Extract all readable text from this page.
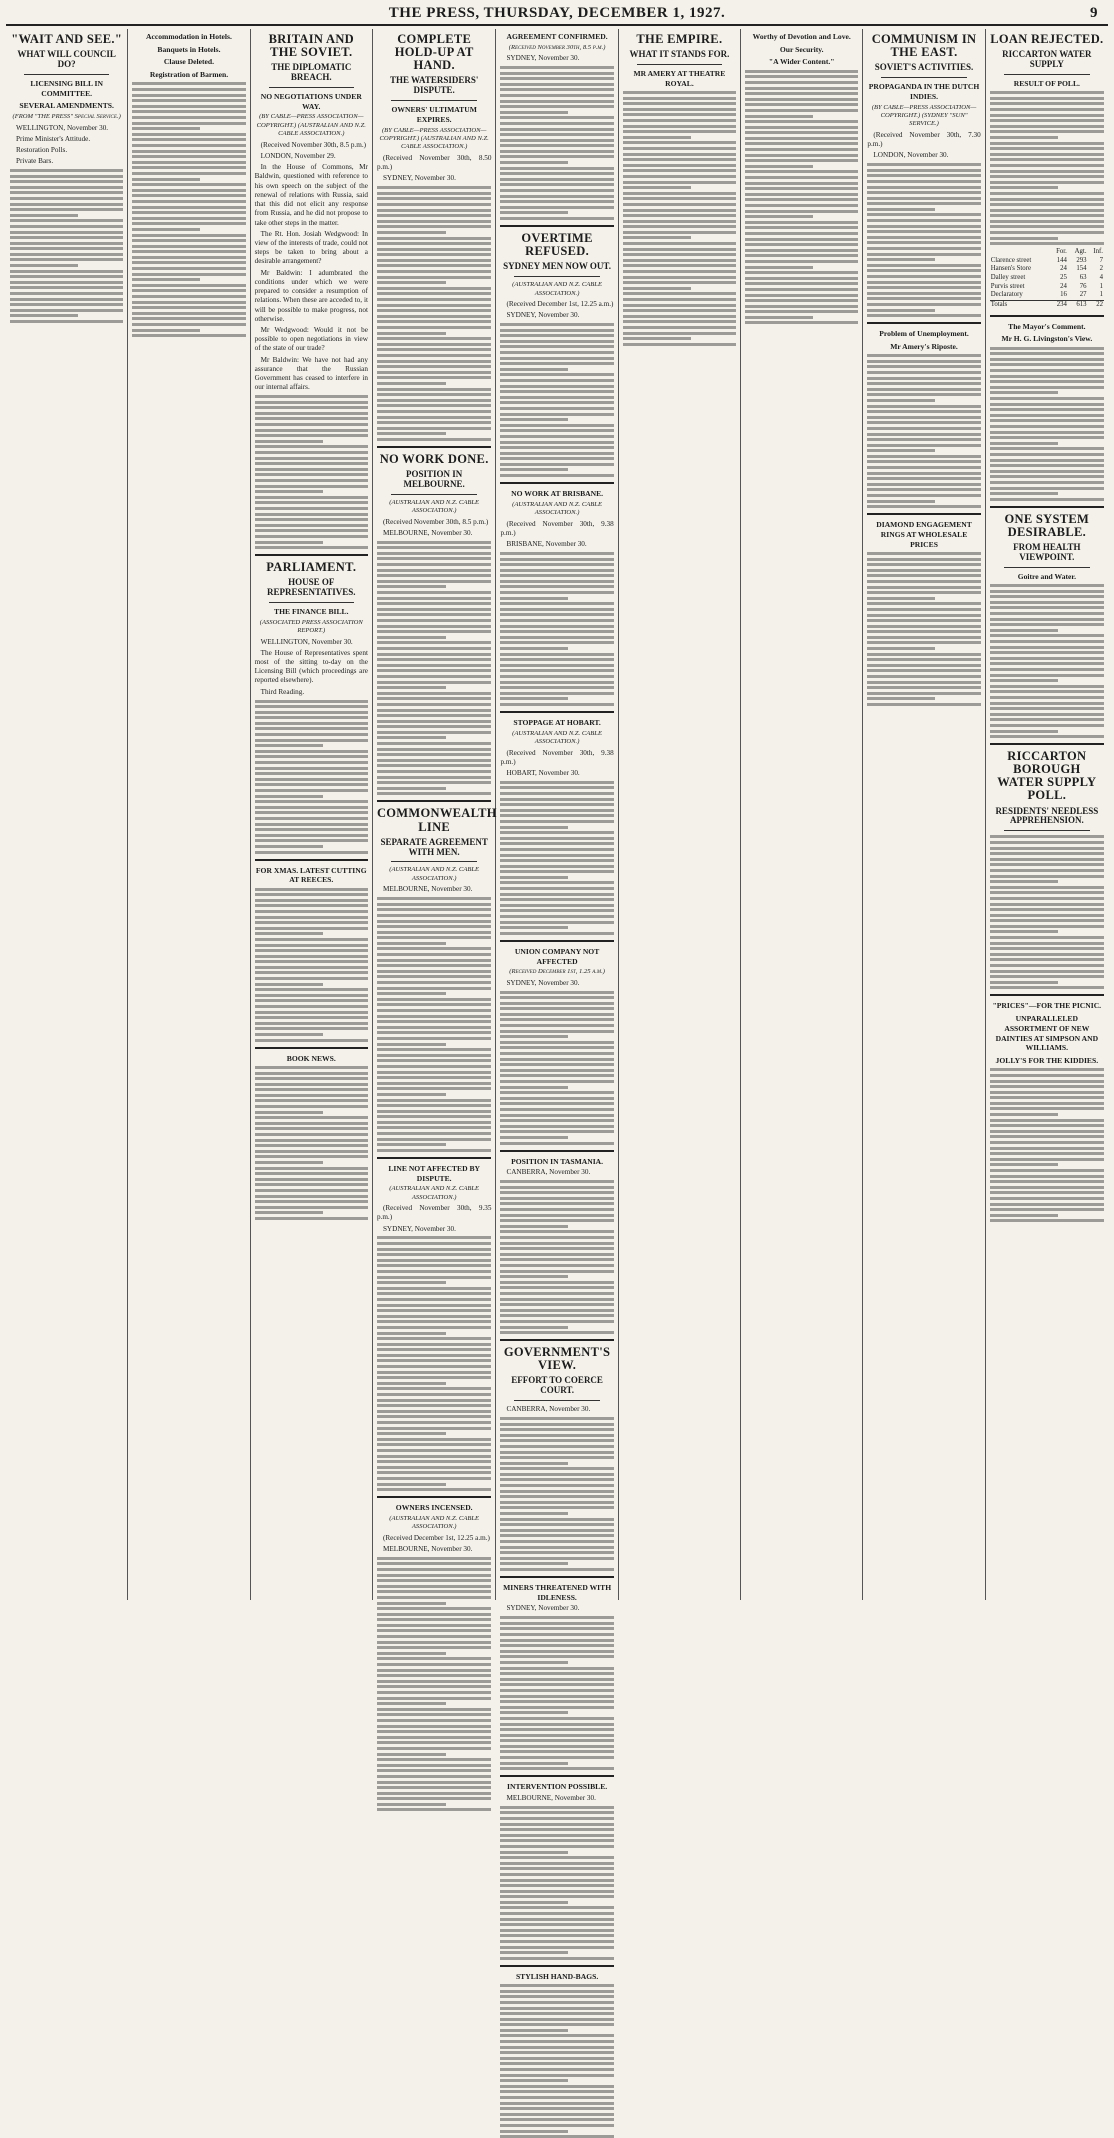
THE PRESS, THURSDAY, DECEMBER 1, 1927.	9
"WAIT AND SEE."
WHAT WILL COUNCIL DO?
LICENSING BILL IN COMMITTEE.
SEVERAL AMENDMENTS.
(FROM "THE PRESS" Special Service.)

WELLINGTON, November 30.

Prime Minister's Attitude.

Restoration Polls.

Private Bars.

Accommodation in Hotels.
Banquets in Hotels.
Clause Deleted.
Registration of Barmen.
BRITAIN AND THE SOVIET.
THE DIPLOMATIC BREACH.
NO NEGOTIATIONS UNDER WAY.
(BY CABLE—PRESS ASSOCIATION—COPYRIGHT.) (AUSTRALIAN AND N.Z. CABLE ASSOCIATION.)

(Received November 30th, 8.5 p.m.)

LONDON, November 29.

In the House of Commons, Mr Baldwin, questioned with reference to his own speech on the subject of the renewal of relations with Russia, said that this did not elicit any response from Russia, and he did not propose to take other steps in the matter.

The Rt. Hon. Josiah Wedgwood: In view of the interests of trade, could not steps be taken to bring about a desirable arrangement?

Mr Baldwin: I adumbrated the conditions under which we were prepared to consider a resumption of relations. When these are acceded to, it will be possible to make progress, not otherwise.

Mr Wedgwood: Would it not be possible to open negotiations in view of the state of our trade?

Mr Baldwin: We have not had any assurance that the Russian Government has ceased to interfere in our internal affairs.

PARLIAMENT.
HOUSE OF REPRESENTATIVES.
THE FINANCE BILL.
(ASSOCIATED PRESS ASSOCIATION REPORT.)

WELLINGTON, November 30.

The House of Representatives spent most of the sitting to-day on the Licensing Bill (which proceedings are reported elsewhere).

Third Reading.

FOR XMAS. LATEST CUTTING AT REECES.
BOOK NEWS.
COMPLETE HOLD-UP AT HAND.
THE WATERSIDERS' DISPUTE.
OWNERS' ULTIMATUM EXPIRES.
(BY CABLE—PRESS ASSOCIATION—COPYRIGHT.) (AUSTRALIAN AND N.Z. CABLE ASSOCIATION.)

(Received November 30th, 8.50 p.m.)

SYDNEY, November 30.

NO WORK DONE.
POSITION IN MELBOURNE.
(AUSTRALIAN AND N.Z. CABLE ASSOCIATION.)

(Received November 30th, 8.5 p.m.)

MELBOURNE, November 30.

COMMONWEALTH LINE
SEPARATE AGREEMENT WITH MEN.
(AUSTRALIAN AND N.Z. CABLE ASSOCIATION.)

MELBOURNE, November 30.

LINE NOT AFFECTED BY DISPUTE.
(AUSTRALIAN AND N.Z. CABLE ASSOCIATION.)

(Received November 30th, 9.35 p.m.)

SYDNEY, November 30.

OWNERS INCENSED.
(AUSTRALIAN AND N.Z. CABLE ASSOCIATION.)

(Received December 1st, 12.25 a.m.)

MELBOURNE, November 30.

AGREEMENT CONFIRMED.
(Received November 30th, 8.5 p.m.)

SYDNEY, November 30.

OVERTIME REFUSED.
SYDNEY MEN NOW OUT.
(AUSTRALIAN AND N.Z. CABLE ASSOCIATION.)

(Received December 1st, 12.25 a.m.)

SYDNEY, November 30.

NO WORK AT BRISBANE.
(AUSTRALIAN AND N.Z. CABLE ASSOCIATION.)

(Received November 30th, 9.38 p.m.)

BRISBANE, November 30.

STOPPAGE AT HOBART.
(AUSTRALIAN AND N.Z. CABLE ASSOCIATION.)

(Received November 30th, 9.38 p.m.)

HOBART, November 30.

UNION COMPANY NOT AFFECTED
(Received December 1st, 1.25 a.m.)

SYDNEY, November 30.

POSITION IN TASMANIA.

CANBERRA, November 30.

GOVERNMENT'S VIEW.
EFFORT TO COERCE COURT.

CANBERRA, November 30.

MINERS THREATENED WITH IDLENESS.

SYDNEY, November 30.

INTERVENTION POSSIBLE.

MELBOURNE, November 30.

STYLISH HAND-BAGS.
THE EMPIRE.
WHAT IT STANDS FOR.
MR AMERY AT THEATRE ROYAL.
Worthy of Devotion and Love.
Our Security.
"A Wider Content."
COMMUNISM IN THE EAST.
SOVIET'S ACTIVITIES.
PROPAGANDA IN THE DUTCH INDIES.
(BY CABLE—PRESS ASSOCIATION—COPYRIGHT.) (SYDNEY "SUN" SERVICE.)

(Received November 30th, 7.30 p.m.)

LONDON, November 30.

Problem of Unemployment.
Mr Amery's Riposte.
DIAMOND ENGAGEMENT RINGS AT WHOLESALE PRICES
LOAN REJECTED.
RICCARTON WATER SUPPLY
RESULT OF POLL.
	For.	Agt.	Inf.
Clarence street	144	293	7
Hansen's Store	24	154	2
Dalley street	25	63	4
Purvis street	24	76	1
Declaratory	16	27	1
Totals	234	613	22
The Mayor's Comment.
Mr H. G. Livingston's View.
ONE SYSTEM DESIRABLE.
FROM HEALTH VIEWPOINT.
Goitre and Water.
RICCARTON BOROUGH WATER SUPPLY POLL.
RESIDENTS' NEEDLESS APPREHENSION.
"PRICES"—FOR THE PICNIC.
UNPARALLELED ASSORTMENT OF NEW DAINTIES AT SIMPSON AND WILLIAMS.
JOLLY'S FOR THE KIDDIES.
